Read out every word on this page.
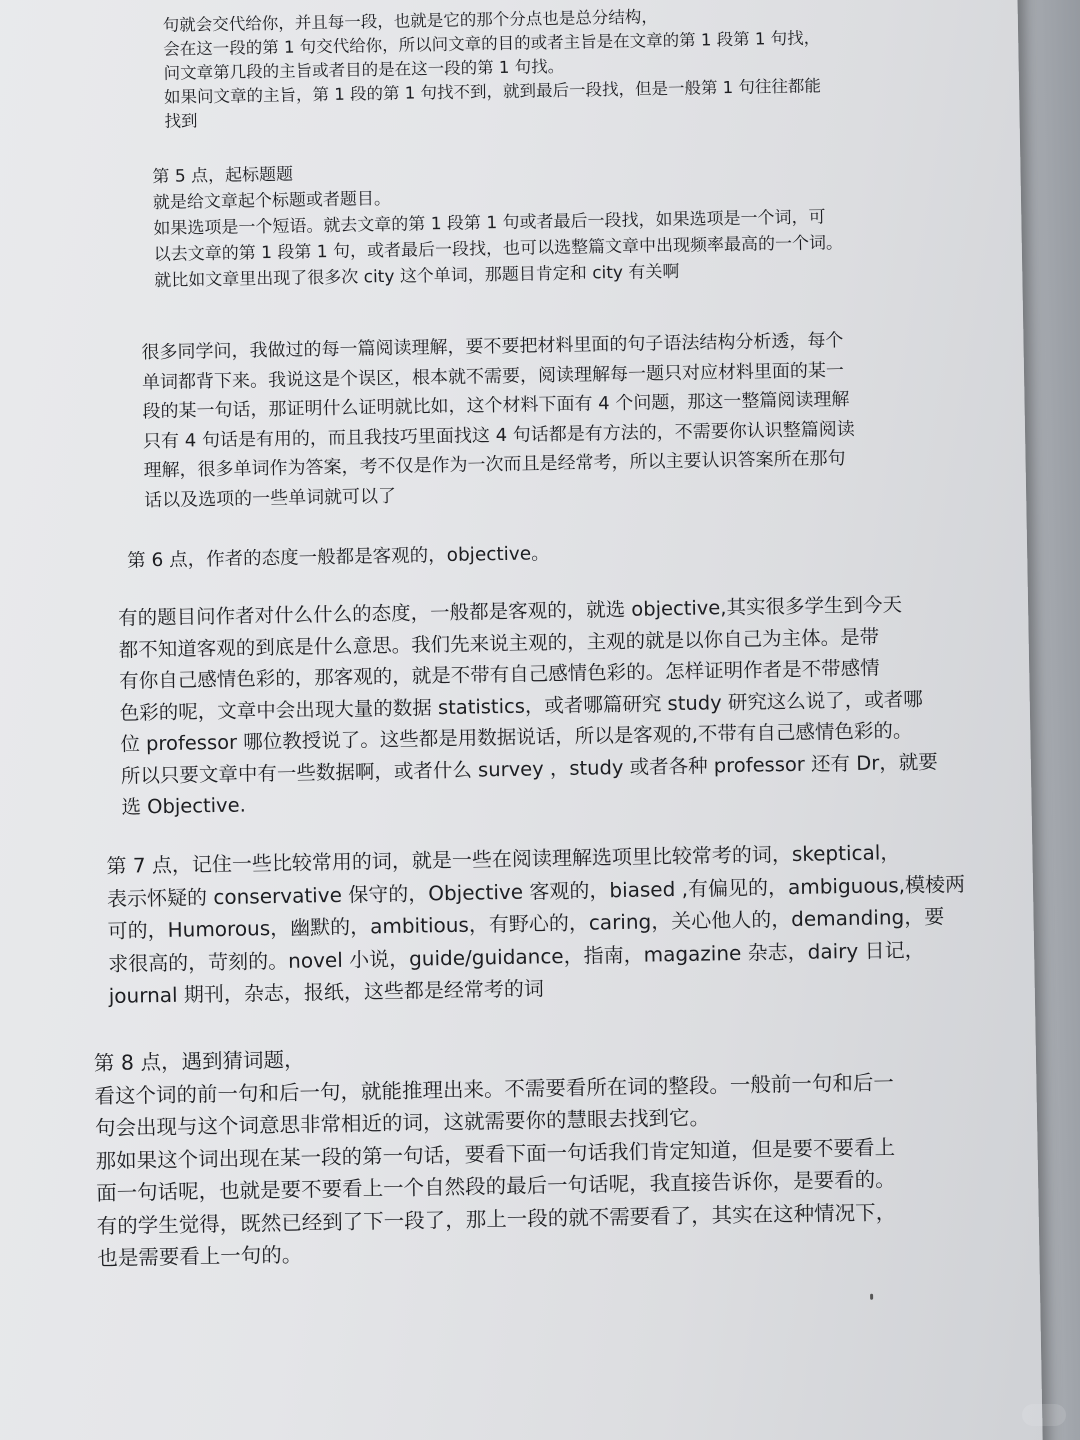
句就会交代给你，并且每一段，也就是它的那个分点也是总分结构，
会在这一段的第 1 句交代给你，所以问文章的目的或者主旨是在文章的第 1 段第 1 句找，
问文章第几段的主旨或者目的是在这一段的第 1 句找。
如果问文章的主旨，第 1 段的第 1 句找不到，就到最后一段找，但是一般第 1 句往往都能
找到

第 5 点，起标题题
就是给文章起个标题或者题目。
如果选项是一个短语。就去文章的第 1 段第 1 句或者最后一段找，如果选项是一个词，可
以去文章的第 1 段第 1 句，或者最后一段找，也可以选整篇文章中出现频率最高的一个词。
就比如文章里出现了很多次 city 这个单词，那题目肯定和 city 有关啊

很多同学问，我做过的每一篇阅读理解，要不要把材料里面的句子语法结构分析透，每个
单词都背下来。我说这是个误区，根本就不需要，阅读理解每一题只对应材料里面的某一
段的某一句话，那证明什么证明就比如，这个材料下面有 4 个问题，那这一整篇阅读理解
只有 4 句话是有用的，而且我技巧里面找这 4 句话都是有方法的，不需要你认识整篇阅读
理解，很多单词作为答案，考不仅是作为一次而且是经常考，所以主要认识答案所在那句
话以及选项的一些单词就可以了

第 6 点，作者的态度一般都是客观的，objective。

有的题目问作者对什么什么的态度，一般都是客观的，就选 objective,其实很多学生到今天
都不知道客观的到底是什么意思。我们先来说主观的，主观的就是以你自己为主体。是带
有你自己感情色彩的，那客观的，就是不带有自己感情色彩的。怎样证明作者是不带感情
色彩的呢，文章中会出现大量的数据 statistics，或者哪篇研究 study 研究这么说了，或者哪
位 professor 哪位教授说了。这些都是用数据说话，所以是客观的,不带有自己感情色彩的。
所以只要文章中有一些数据啊，或者什么 survey ，study 或者各种 professor 还有 Dr，就要
选 Objective.

第 7 点，记住一些比较常用的词，就是一些在阅读理解选项里比较常考的词，skeptical，
表示怀疑的 conservative 保守的，Objective 客观的，biased ,有偏见的，ambiguous,模棱两
可的，Humorous，幽默的，ambitious，有野心的，caring，关心他人的，demanding，要
求很高的，苛刻的。novel 小说，guide/guidance，指南，magazine 杂志，dairy 日记，
journal 期刊，杂志，报纸，这些都是经常考的词

第 8 点，遇到猜词题，
看这个词的前一句和后一句，就能推理出来。不需要看所在词的整段。一般前一句和后一
句会出现与这个词意思非常相近的词，这就需要你的慧眼去找到它。
那如果这个词出现在某一段的第一句话，要看下面一句话我们肯定知道，但是要不要看上
面一句话呢，也就是要不要看上一个自然段的最后一句话呢，我直接告诉你，是要看的。
有的学生觉得，既然已经到了下一段了，那上一段的就不需要看了，其实在这种情况下，
也是需要看上一句的。
